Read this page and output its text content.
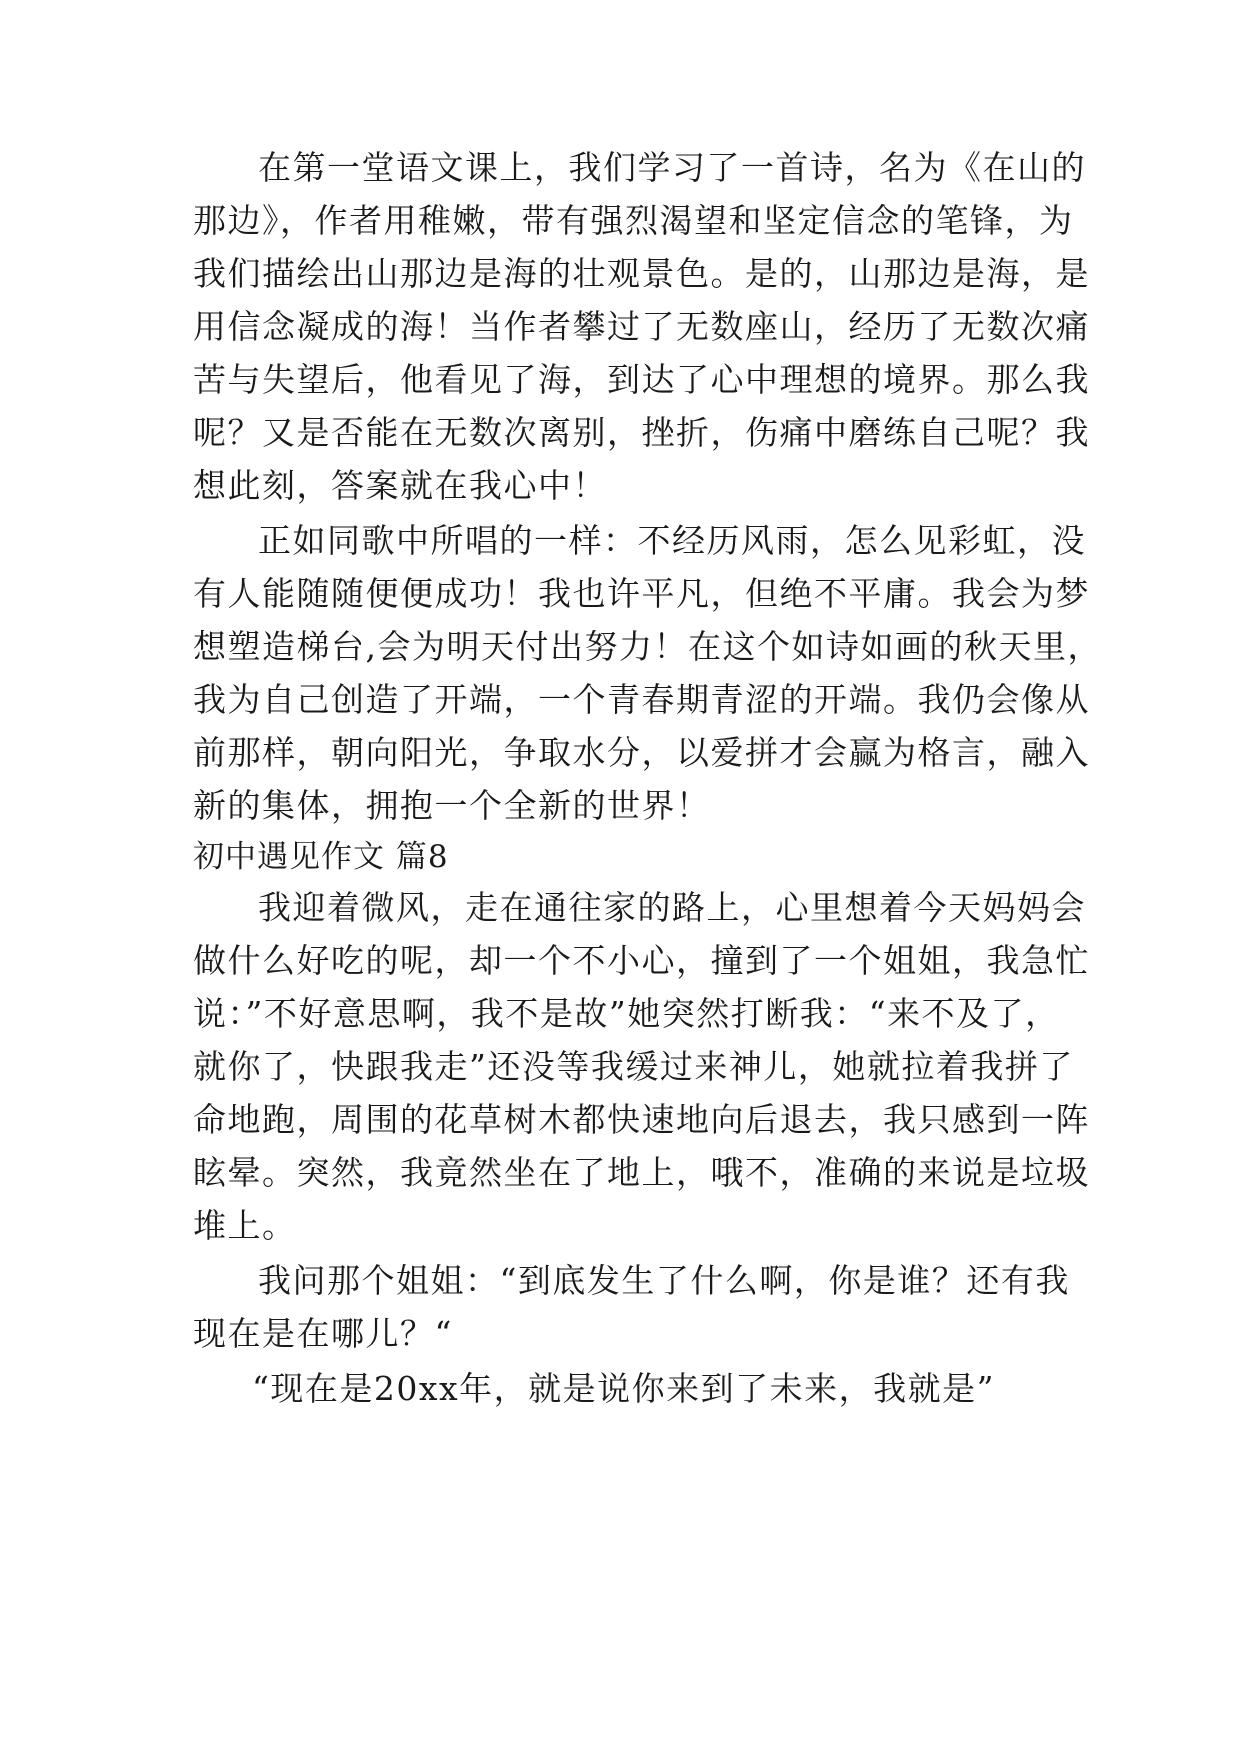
在第一堂语文课上，我们学习了一首诗，名为《在山的
那边》，作者用稚嫩，带有强烈渴望和坚定信念的笔锋，为
我们描绘出山那边是海的壮观景色。是的，山那边是海，是
用信念凝成的海！当作者攀过了无数座山，经历了无数次痛
苦与失望后，他看见了海，到达了心中理想的境界。那么我
呢？又是否能在无数次离别，挫折，伤痛中磨练自己呢？我
想此刻，答案就在我心中！
正如同歌中所唱的一样：不经历风雨，怎么见彩虹，没
有人能随随便便成功！我也许平凡，但绝不平庸。我会为梦
想塑造梯台,会为明天付出努力！在这个如诗如画的秋天里，
我为自己创造了开端，一个青春期青涩的开端。我仍会像从
前那样，朝向阳光，争取水分，以爱拼才会赢为格言，融入
新的集体，拥抱一个全新的世界！
初中遇见作文 篇8
我迎着微风，走在通往家的路上，心里想着今天妈妈会
做什么好吃的呢，却一个不小心，撞到了一个姐姐，我急忙
说：”不好意思啊，我不是故”她突然打断我：“来不及了，
就你了，快跟我走”还没等我缓过来神儿，她就拉着我拼了
命地跑，周围的花草树木都快速地向后退去，我只感到一阵
眩晕。突然，我竟然坐在了地上，哦不，准确的来说是垃圾
堆上。
我问那个姐姐：“到底发生了什么啊，你是谁？还有我
现在是在哪儿？“
“现在是20xx年，就是说你来到了未来，我就是”
